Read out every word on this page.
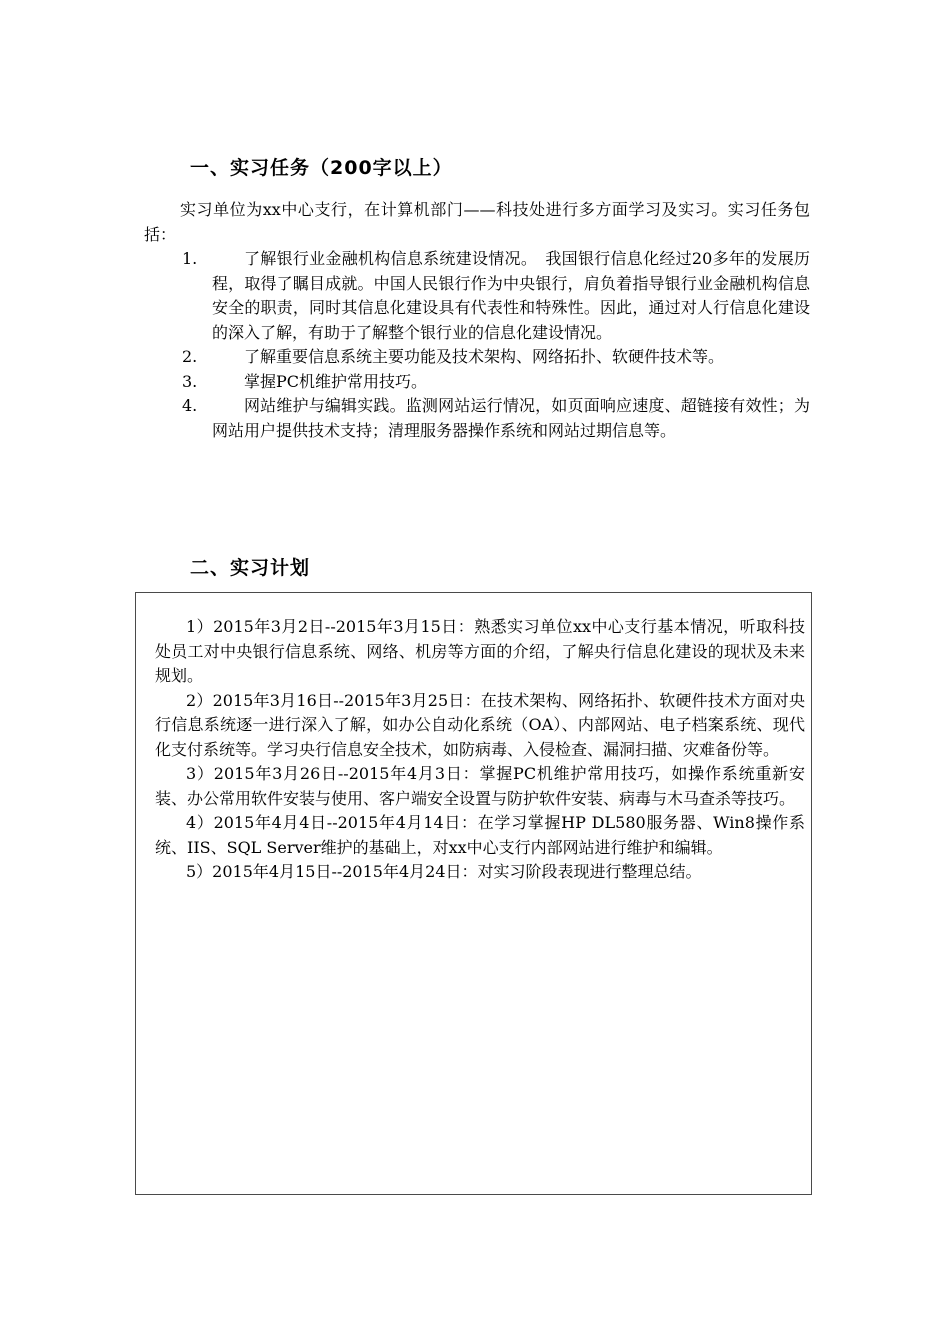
一、实习任务（200字以上）

实习单位为xx中心支行，在计算机部门——科技处进行多方面学习及实习。实习任务包括：

1.	了解银行业金融机构信息系统建设情况。　我国银行信息化经过20多年的发展历程，取得了瞩目成就。中国人民银行作为中央银行，肩负着指导银行业金融机构信息安全的职责，同时其信息化建设具有代表性和特殊性。因此，通过对人行信息化建设的深入了解，有助于了解整个银行业的信息化建设情况。
2.	了解重要信息系统主要功能及技术架构、网络拓扑、软硬件技术等。
3.	掌握PC机维护常用技巧。
4.	网站维护与编辑实践。监测网站运行情况，如页面响应速度、超链接有效性；为网站用户提供技术支持；清理服务器操作系统和网站过期信息等。
二、实习计划

1）2015年3月2日--2015年3月15日：熟悉实习单位xx中心支行基本情况，听取科技处员工对中央银行信息系统、网络、机房等方面的介绍，了解央行信息化建设的现状及未来规划。

2）2015年3月16日--2015年3月25日：在技术架构、网络拓扑、软硬件技术方面对央行信息系统逐一进行深入了解，如办公自动化系统（OA）、内部网站、电子档案系统、现代化支付系统等。学习央行信息安全技术，如防病毒、入侵检查、漏洞扫描、灾难备份等。

3）2015年3月26日--2015年4月3日：掌握PC机维护常用技巧，如操作系统重新安装、办公常用软件安装与使用、客户端安全设置与防护软件安装、病毒与木马查杀等技巧。

4）2015年4月4日--2015年4月14日：在学习掌握HP DL580服务器、Win8操作系统、IIS、SQL Server维护的基础上，对xx中心支行内部网站进行维护和编辑。

5）2015年4月15日--2015年4月24日：对实习阶段表现进行整理总结。
